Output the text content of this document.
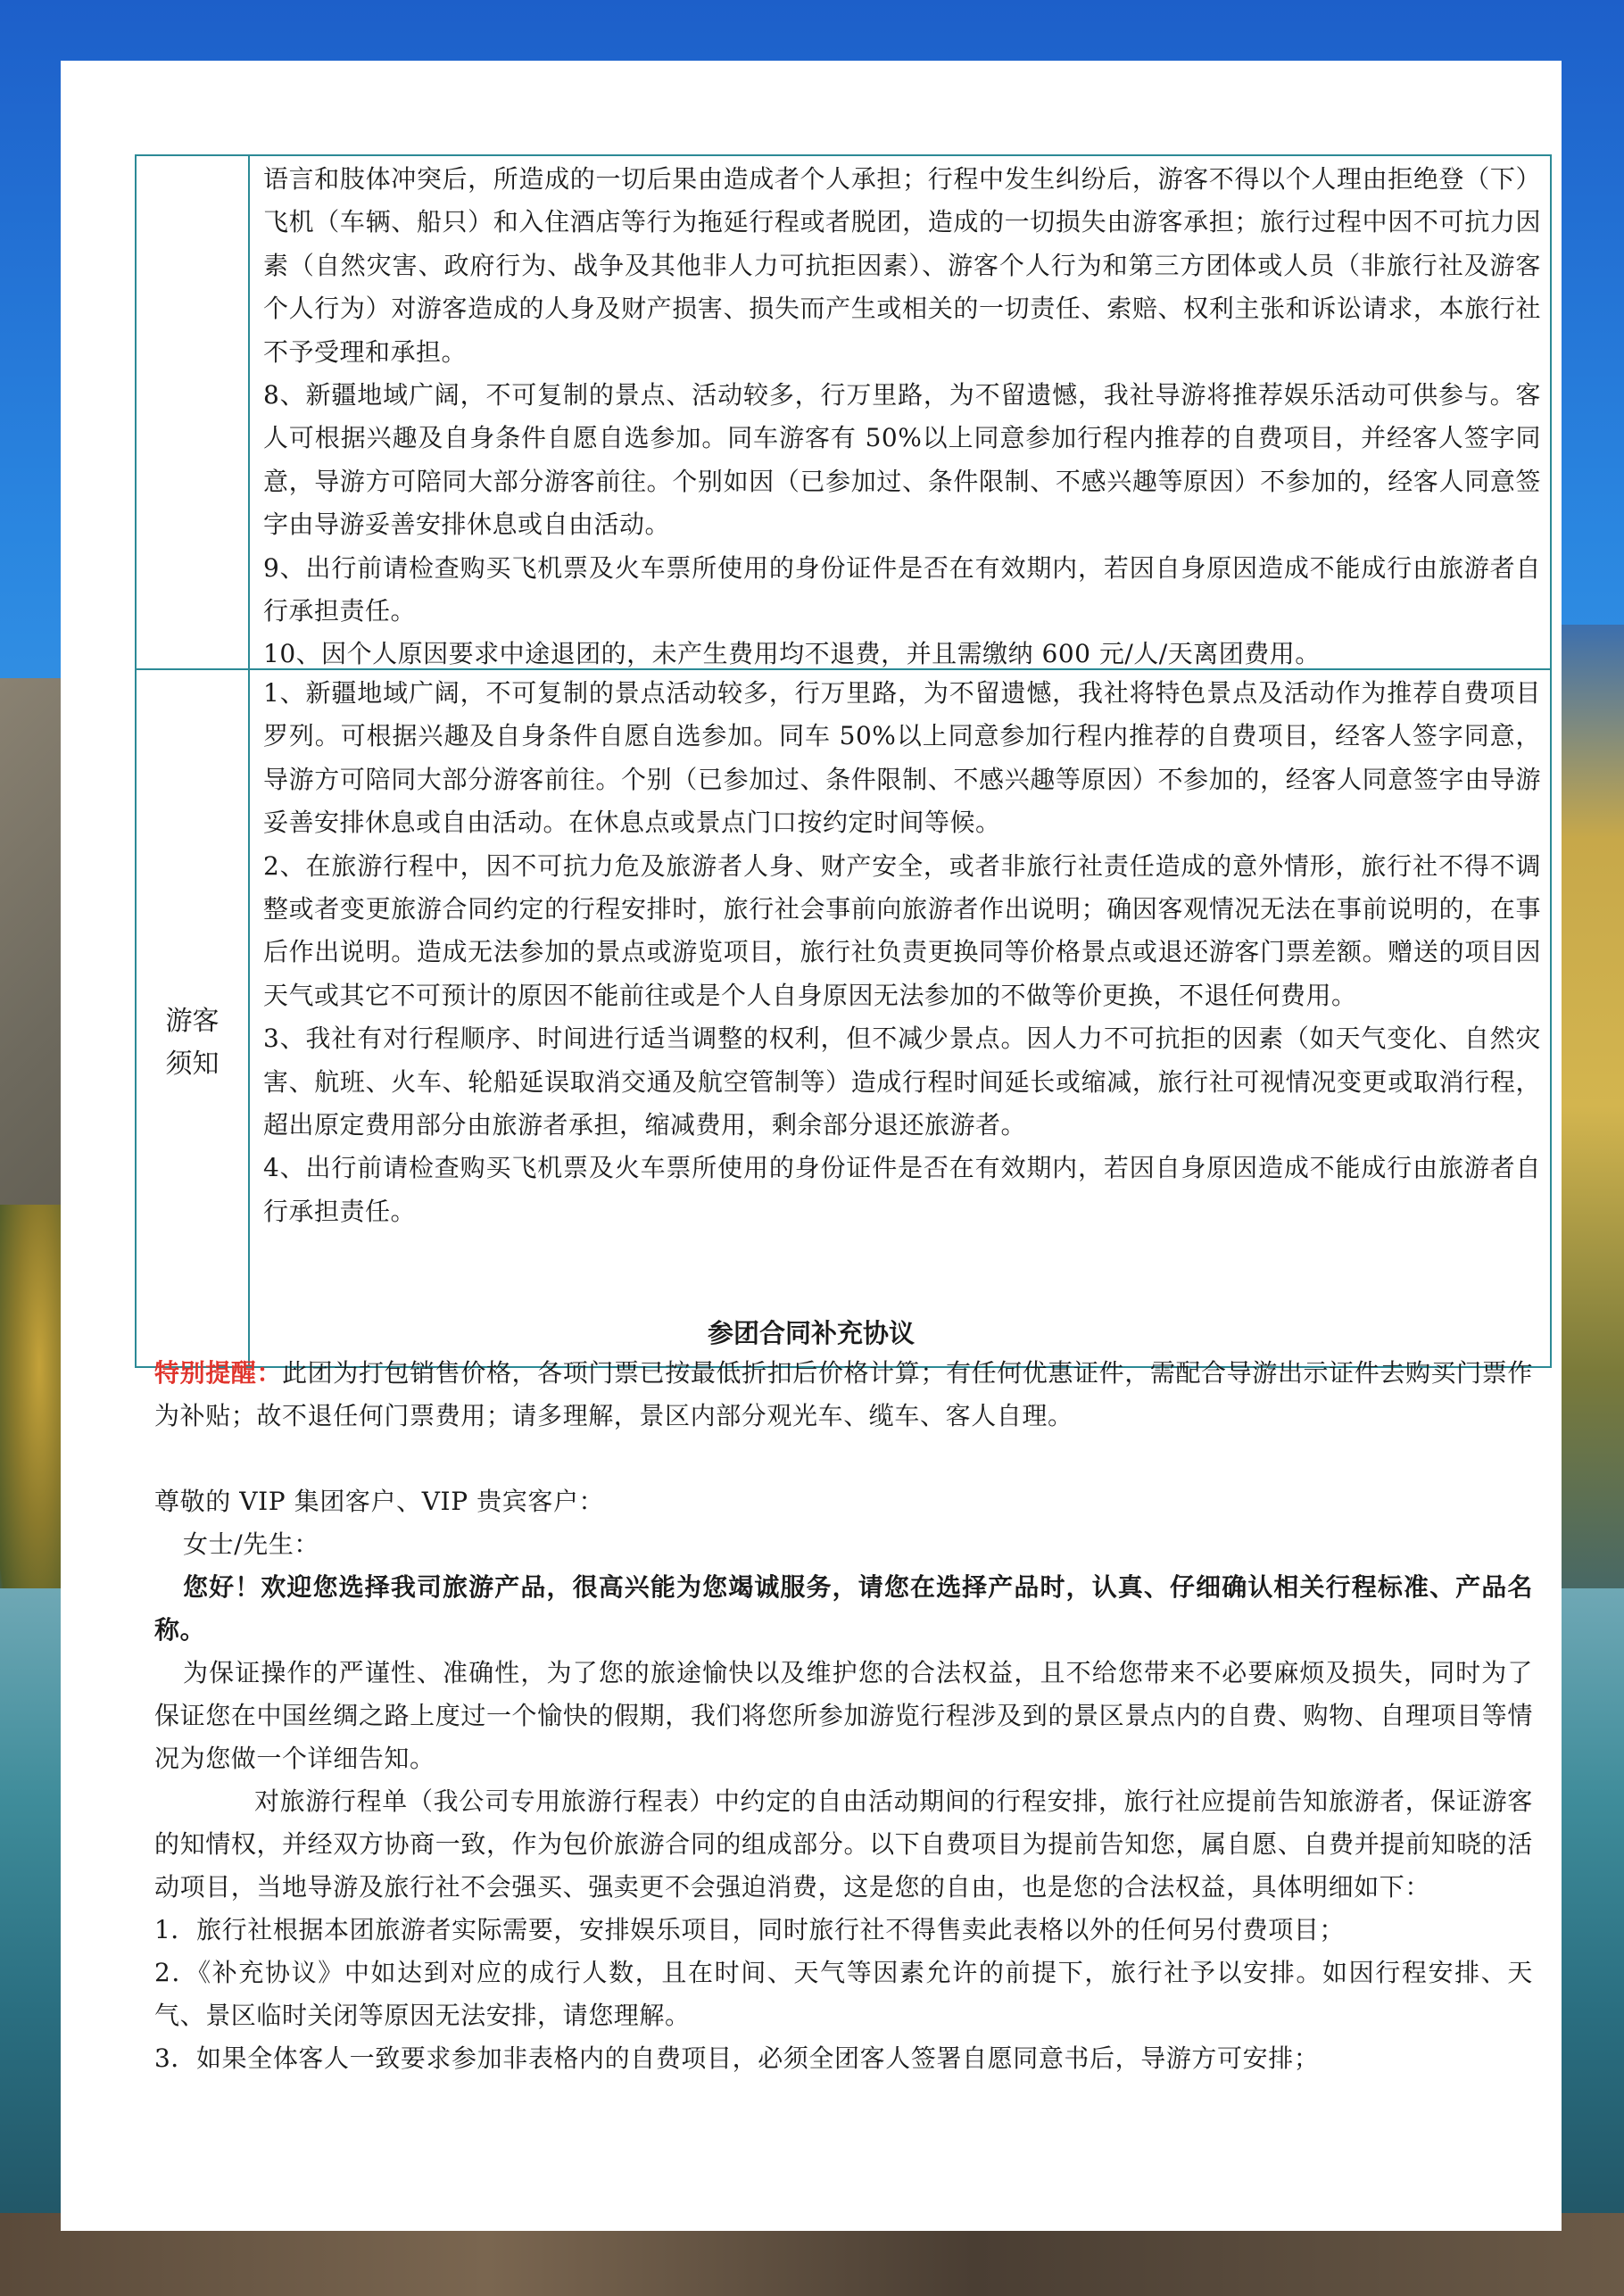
语言和肢体冲突后，所造成的一切后果由造成者个人承担；行程中发生纠纷后，游客不得以个人理由拒绝登（下）飞机（车辆、船只）和入住酒店等行为拖延行程或者脱团，造成的一切损失由游客承担；旅行过程中因不可抗力因素（自然灾害、政府行为、战争及其他非人力可抗拒因素）、游客个人行为和第三方团体或人员（非旅行社及游客个人行为）对游客造成的人身及财产损害、损失而产生或相关的一切责任、索赔、权利主张和诉讼请求，本旅行社不予受理和承担。

8、新疆地域广阔，不可复制的景点、活动较多，行万里路，为不留遗憾，我社导游将推荐娱乐活动可供参与。客人可根据兴趣及自身条件自愿自选参加。同车游客有 50%以上同意参加行程内推荐的自费项目，并经客人签字同意，导游方可陪同大部分游客前往。个别如因（已参加过、条件限制、不感兴趣等原因）不参加的，经客人同意签字由导游妥善安排休息或自由活动。

9、出行前请检查购买飞机票及火车票所使用的身份证件是否在有效期内，若因自身原因造成不能成行由旅游者自行承担责任。

10、因个人原因要求中途退团的，未产生费用均不退费，并且需缴纳 600 元/人/天离团费用。

游客
须知

1、新疆地域广阔，不可复制的景点活动较多，行万里路，为不留遗憾，我社将特色景点及活动作为推荐自费项目罗列。可根据兴趣及自身条件自愿自选参加。同车 50%以上同意参加行程内推荐的自费项目，经客人签字同意，导游方可陪同大部分游客前往。个别（已参加过、条件限制、不感兴趣等原因）不参加的，经客人同意签字由导游妥善安排休息或自由活动。在休息点或景点门口按约定时间等候。

2、在旅游行程中，因不可抗力危及旅游者人身、财产安全，或者非旅行社责任造成的意外情形，旅行社不得不调整或者变更旅游合同约定的行程安排时，旅行社会事前向旅游者作出说明；确因客观情况无法在事前说明的，在事后作出说明。造成无法参加的景点或游览项目，旅行社负责更换同等价格景点或退还游客门票差额。赠送的项目因天气或其它不可预计的原因不能前往或是个人自身原因无法参加的不做等价更换，不退任何费用。

3、我社有对行程顺序、时间进行适当调整的权利，但不减少景点。因人力不可抗拒的因素（如天气变化、自然灾害、航班、火车、轮船延误取消交通及航空管制等）造成行程时间延长或缩减，旅行社可视情况变更或取消行程，超出原定费用部分由旅游者承担，缩减费用，剩余部分退还旅游者。

4、出行前请检查购买飞机票及火车票所使用的身份证件是否在有效期内，若因自身原因造成不能成行由旅游者自行承担责任。

参团合同补充协议

特别提醒：此团为打包销售价格，各项门票已按最低折扣后价格计算；有任何优惠证件，需配合导游出示证件去购买门票作为补贴；故不退任何门票费用；请多理解，景区内部分观光车、缆车、客人自理。

尊敬的 VIP 集团客户、VIP 贵宾客户：

女士/先生：

您好！欢迎您选择我司旅游产品，很高兴能为您竭诚服务，请您在选择产品时，认真、仔细确认相关行程标准、产品名称。

为保证操作的严谨性、准确性，为了您的旅途愉快以及维护您的合法权益，且不给您带来不必要麻烦及损失，同时为了保证您在中国丝绸之路上度过一个愉快的假期，我们将您所参加游览行程涉及到的景区景点内的自费、购物、自理项目等情况为您做一个详细告知。

对旅游行程单（我公司专用旅游行程表）中约定的自由活动期间的行程安排，旅行社应提前告知旅游者，保证游客的知情权，并经双方协商一致，作为包价旅游合同的组成部分。以下自费项目为提前告知您，属自愿、自费并提前知晓的活动项目，当地导游及旅行社不会强买、强卖更不会强迫消费，这是您的自由，也是您的合法权益，具体明细如下：

1．旅行社根据本团旅游者实际需要，安排娱乐项目，同时旅行社不得售卖此表格以外的任何另付费项目；

2．《补充协议》中如达到对应的成行人数，且在时间、天气等因素允许的前提下，旅行社予以安排。如因行程安排、天气、景区临时关闭等原因无法安排，请您理解。

3．如果全体客人一致要求参加非表格内的自费项目，必须全团客人签署自愿同意书后，导游方可安排；
